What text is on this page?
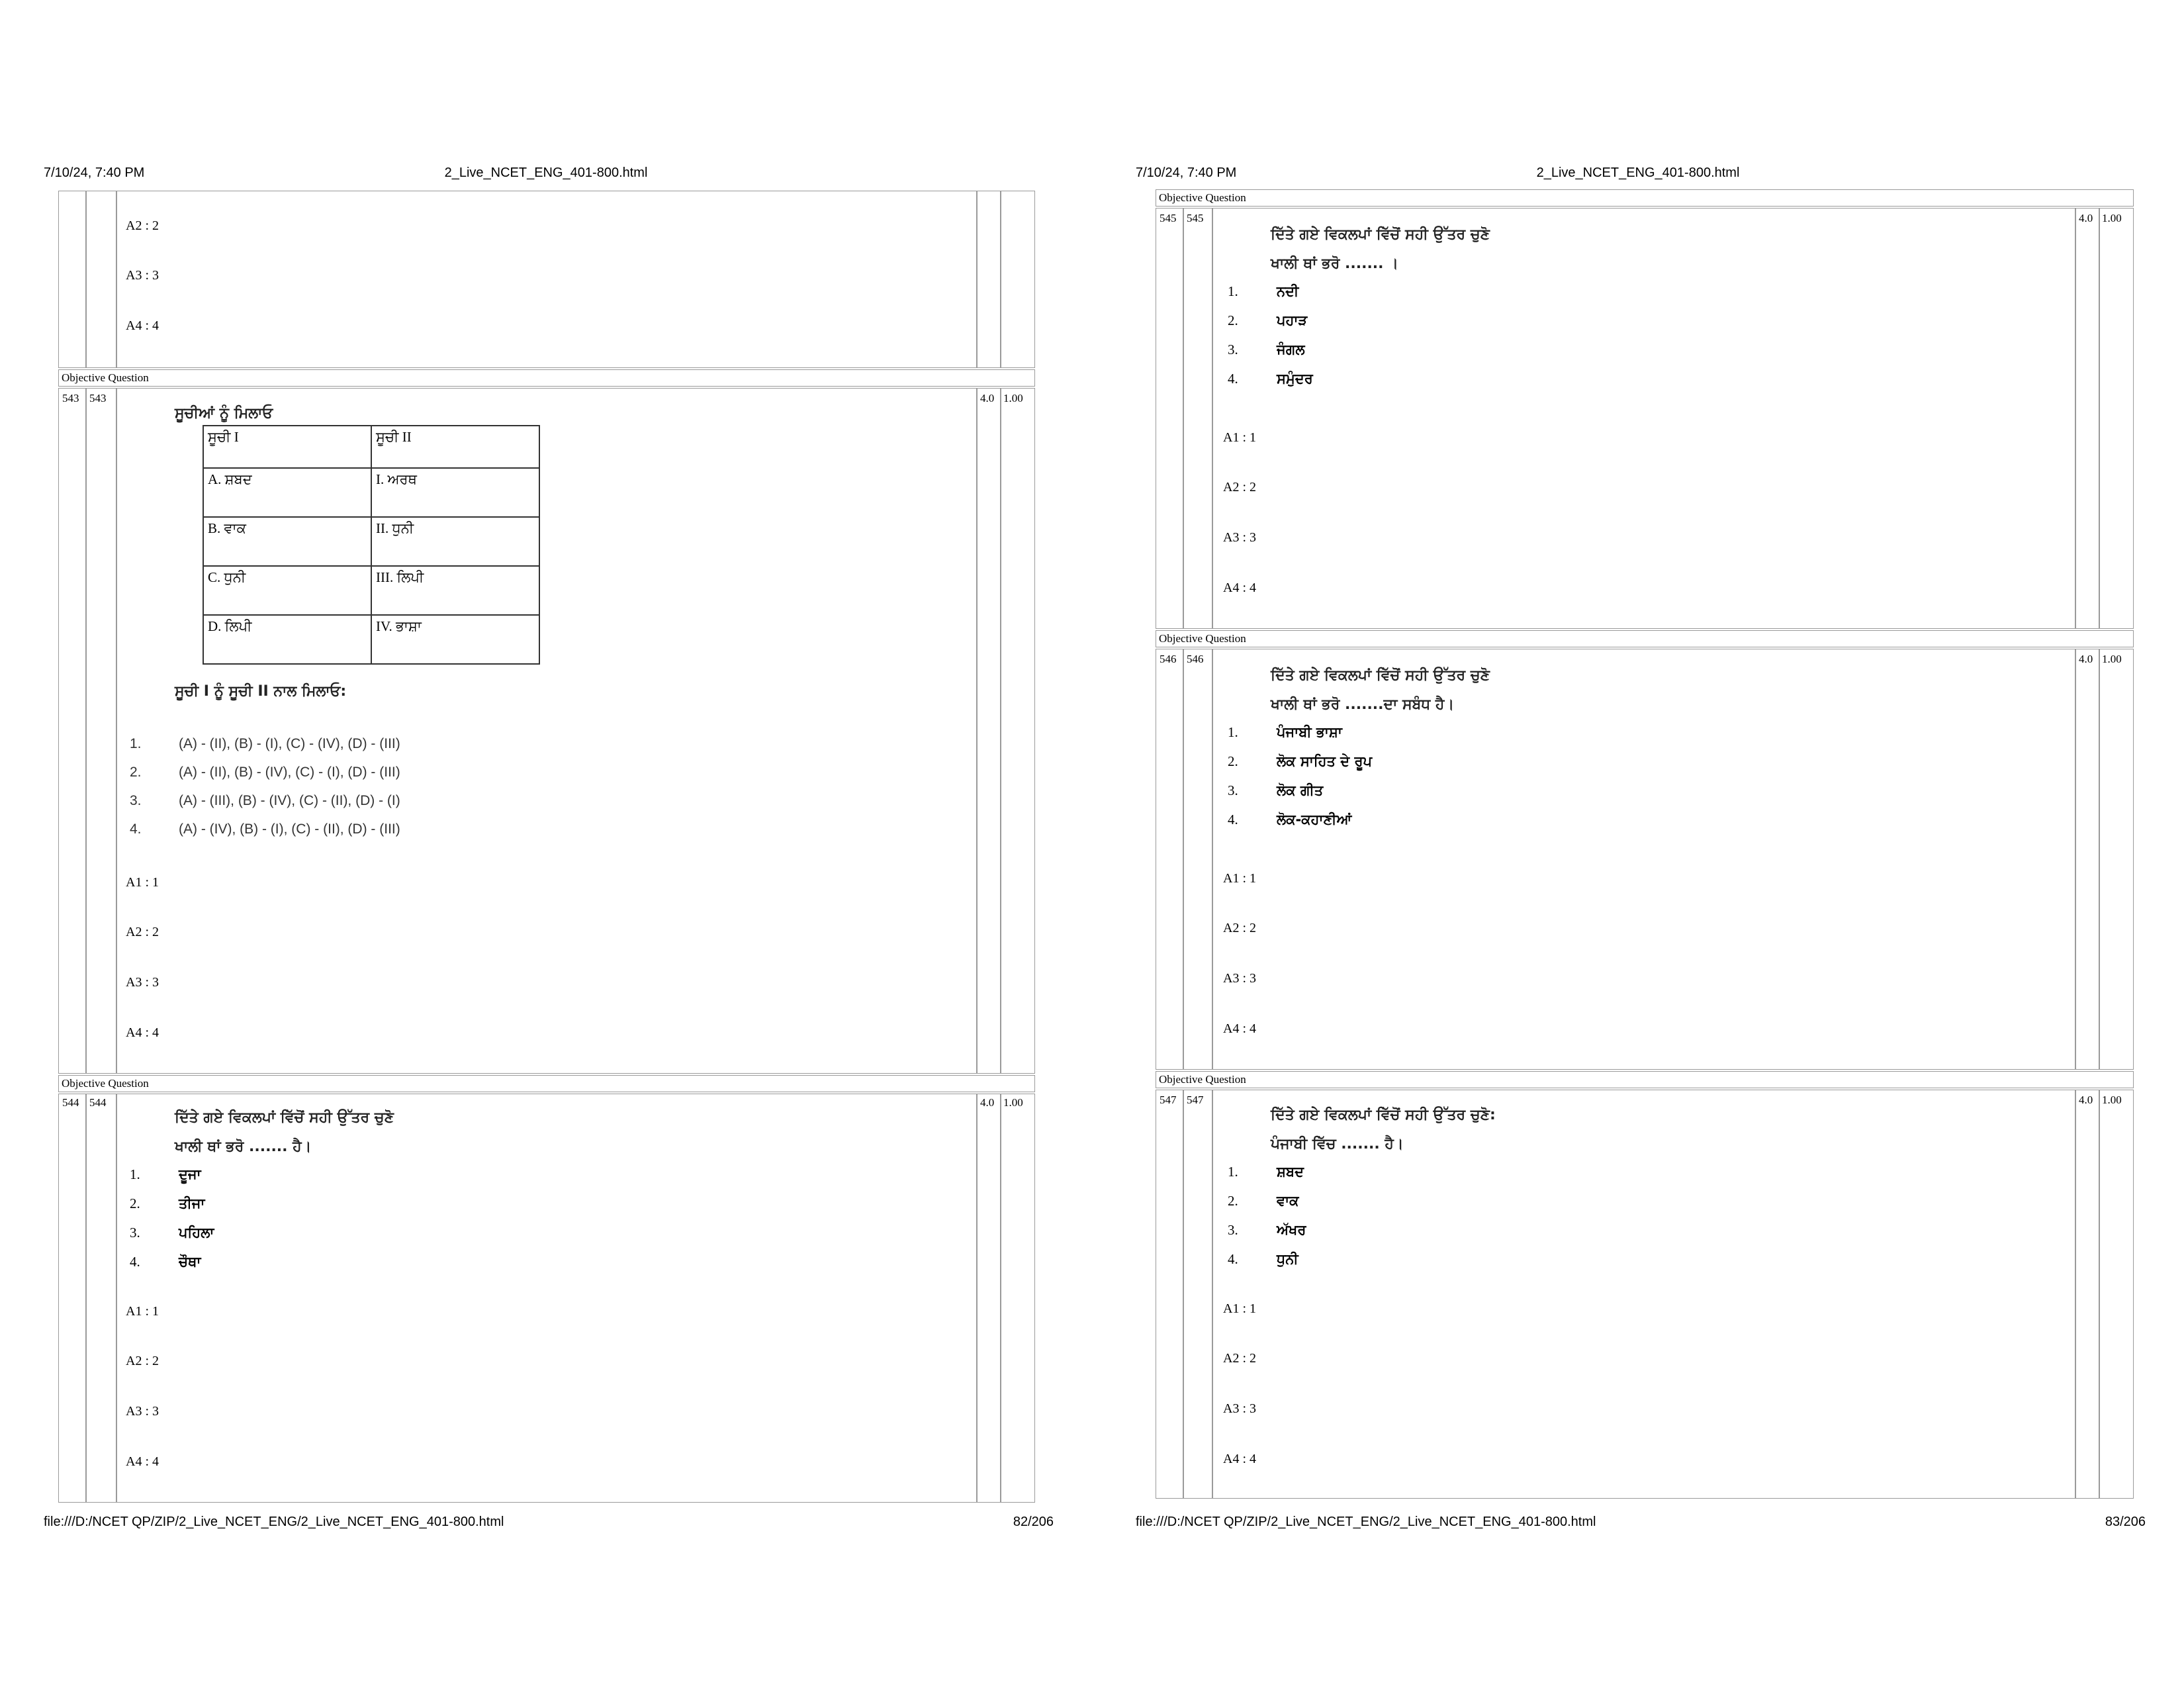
7/10/24, 7:40 PM	2_Live_NCET_ENG_401-800.html
A2 : 2
A3 : 3
A4 : 4
Objective Question
543 543	4.0 1.00
ਸੂਚੀਆਂ ਨੂੰ ਮਿਲਾਓ
ਸੂਚੀ I	ਸੂਚੀ II
A. ਸ਼ਬਦ	I. ਅਰਥ
B. ਵਾਕ	II. ਧੁਨੀ
C. ਧੁਨੀ	III. ਲਿਪੀ
D. ਲਿਪੀ	IV. ਭਾਸ਼ਾ
ਸੂਚੀ I ਨੂੰ ਸੂਚੀ II ਨਾਲ ਮਿਲਾਓ:
1.	(A) - (II), (B) - (I), (C) - (IV), (D) - (III)
2.	(A) - (II), (B) - (IV), (C) - (I), (D) - (III)
3.	(A) - (III), (B) - (IV), (C) - (II), (D) - (I)
4.	(A) - (IV), (B) - (I), (C) - (II), (D) - (III)
A1 : 1
A2 : 2
A3 : 3
A4 : 4
Objective Question
544 544	4.0 1.00
ਦਿੱਤੇ ਗਏ ਵਿਕਲਪਾਂ ਵਿੱਚੋਂ ਸਹੀ ਉੱਤਰ ਚੁਣੋ
ਖਾਲੀ ਥਾਂ ਭਰੋ ....... ਹੈ।
1.	ਦੂਜਾ
2.	ਤੀਜਾ
3.	ਪਹਿਲਾ
4.	ਚੌਥਾ
A1 : 1
A2 : 2
A3 : 3
A4 : 4
file:///D:/NCET QP/ZIP/2_Live_NCET_ENG/2_Live_NCET_ENG_401-800.html	82/206
7/10/24, 7:40 PM	2_Live_NCET_ENG_401-800.html
Objective Question
545 545	4.0 1.00
ਦਿੱਤੇ ਗਏ ਵਿਕਲਪਾਂ ਵਿੱਚੋਂ ਸਹੀ ਉੱਤਰ ਚੁਣੋ
ਖਾਲੀ ਥਾਂ ਭਰੋ ....... ।
1.	ਨਦੀ
2.	ਪਹਾੜ
3.	ਜੰਗਲ
4.	ਸਮੁੰਦਰ
A1 : 1
A2 : 2
A3 : 3
A4 : 4
Objective Question
546 546	4.0 1.00
ਦਿੱਤੇ ਗਏ ਵਿਕਲਪਾਂ ਵਿੱਚੋਂ ਸਹੀ ਉੱਤਰ ਚੁਣੋ
ਖਾਲੀ ਥਾਂ ਭਰੋ .......ਦਾ ਸਬੰਧ ਹੈ।
1.	ਪੰਜਾਬੀ ਭਾਸ਼ਾ
2.	ਲੋਕ ਸਾਹਿਤ ਦੇ ਰੂਪ
3.	ਲੋਕ ਗੀਤ
4.	ਲੋਕ-ਕਹਾਣੀਆਂ
A1 : 1
A2 : 2
A3 : 3
A4 : 4
Objective Question
547 547	4.0 1.00
ਦਿੱਤੇ ਗਏ ਵਿਕਲਪਾਂ ਵਿੱਚੋਂ ਸਹੀ ਉੱਤਰ ਚੁਣੋ:
ਪੰਜਾਬੀ ਵਿੱਚ ....... ਹੈ।
1.	ਸ਼ਬਦ
2.	ਵਾਕ
3.	ਅੱਖਰ
4.	ਧੁਨੀ
A1 : 1
A2 : 2
A3 : 3
A4 : 4
file:///D:/NCET QP/ZIP/2_Live_NCET_ENG/2_Live_NCET_ENG_401-800.html	83/206
